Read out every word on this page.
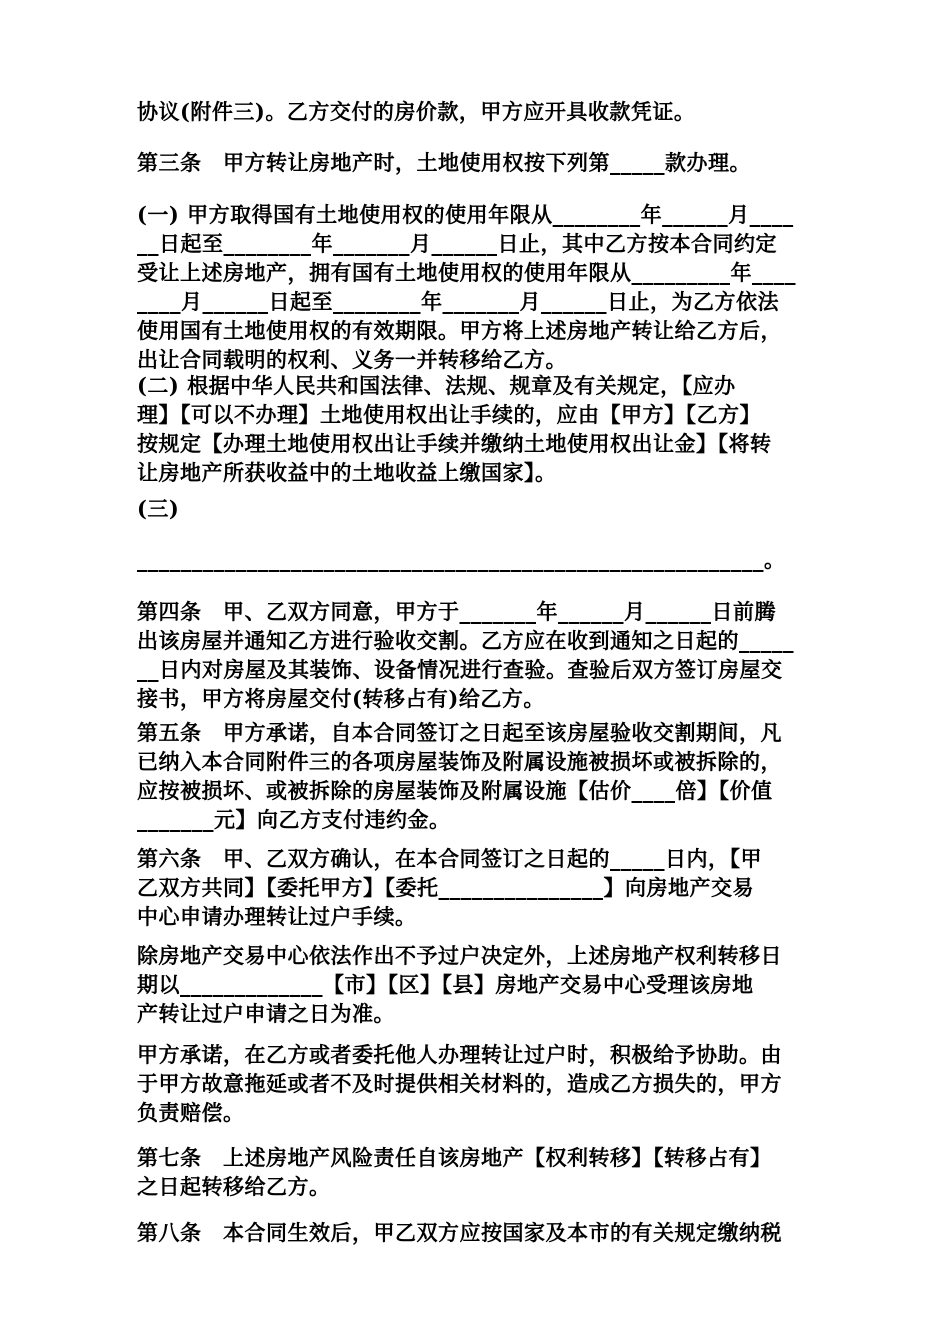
协议(附件三)。乙方交付的房价款，甲方应开具收款凭证。

第三条　甲方转让房地产时，土地使用权按下列第_____款办理。

(一) 甲方取得国有土地使用权的使用年限从________年______月____
__日起至________年_______月______日止，其中乙方按本合同约定
受让上述房地产，拥有国有土地使用权的使用年限从_________年____
____月______日起至________年_______月______日止，为乙方依法
使用国有土地使用权的有效期限。甲方将上述房地产转让给乙方后，
出让合同载明的权利、义务一并转移给乙方。

(二) 根据中华人民共和国法律、法规、规章及有关规定，【应办
理】【可以不办理】土地使用权出让手续的，应由【甲方】【乙方】
按规定【办理土地使用权出让手续并缴纳土地使用权出让金】【将转
让房地产所获收益中的土地收益上缴国家】。

(三)

_________________________________________________________。

第四条　甲、乙双方同意，甲方于_______年______月______日前腾
出该房屋并通知乙方进行验收交割。乙方应在收到通知之日起的_____
__日内对房屋及其装饰、设备情况进行查验。查验后双方签订房屋交
接书，甲方将房屋交付(转移占有)给乙方。

第五条　甲方承诺，自本合同签订之日起至该房屋验收交割期间，凡
已纳入本合同附件三的各项房屋装饰及附属设施被损坏或被拆除的，
应按被损坏、或被拆除的房屋装饰及附属设施【估价____倍】【价值
_______元】向乙方支付违约金。

第六条　甲、乙双方确认，在本合同签订之日起的_____日内，【甲
乙双方共同】【委托甲方】【委托_______________】向房地产交易
中心申请办理转让过户手续。

除房地产交易中心依法作出不予过户决定外，上述房地产权利转移日
期以_____________【市】【区】【县】房地产交易中心受理该房地
产转让过户申请之日为准。

甲方承诺，在乙方或者委托他人办理转让过户时，积极给予协助。由
于甲方故意拖延或者不及时提供相关材料的，造成乙方损失的，甲方
负责赔偿。

第七条　上述房地产风险责任自该房地产【权利转移】【转移占有】
之日起转移给乙方。

第八条　本合同生效后，甲乙双方应按国家及本市的有关规定缴纳税
